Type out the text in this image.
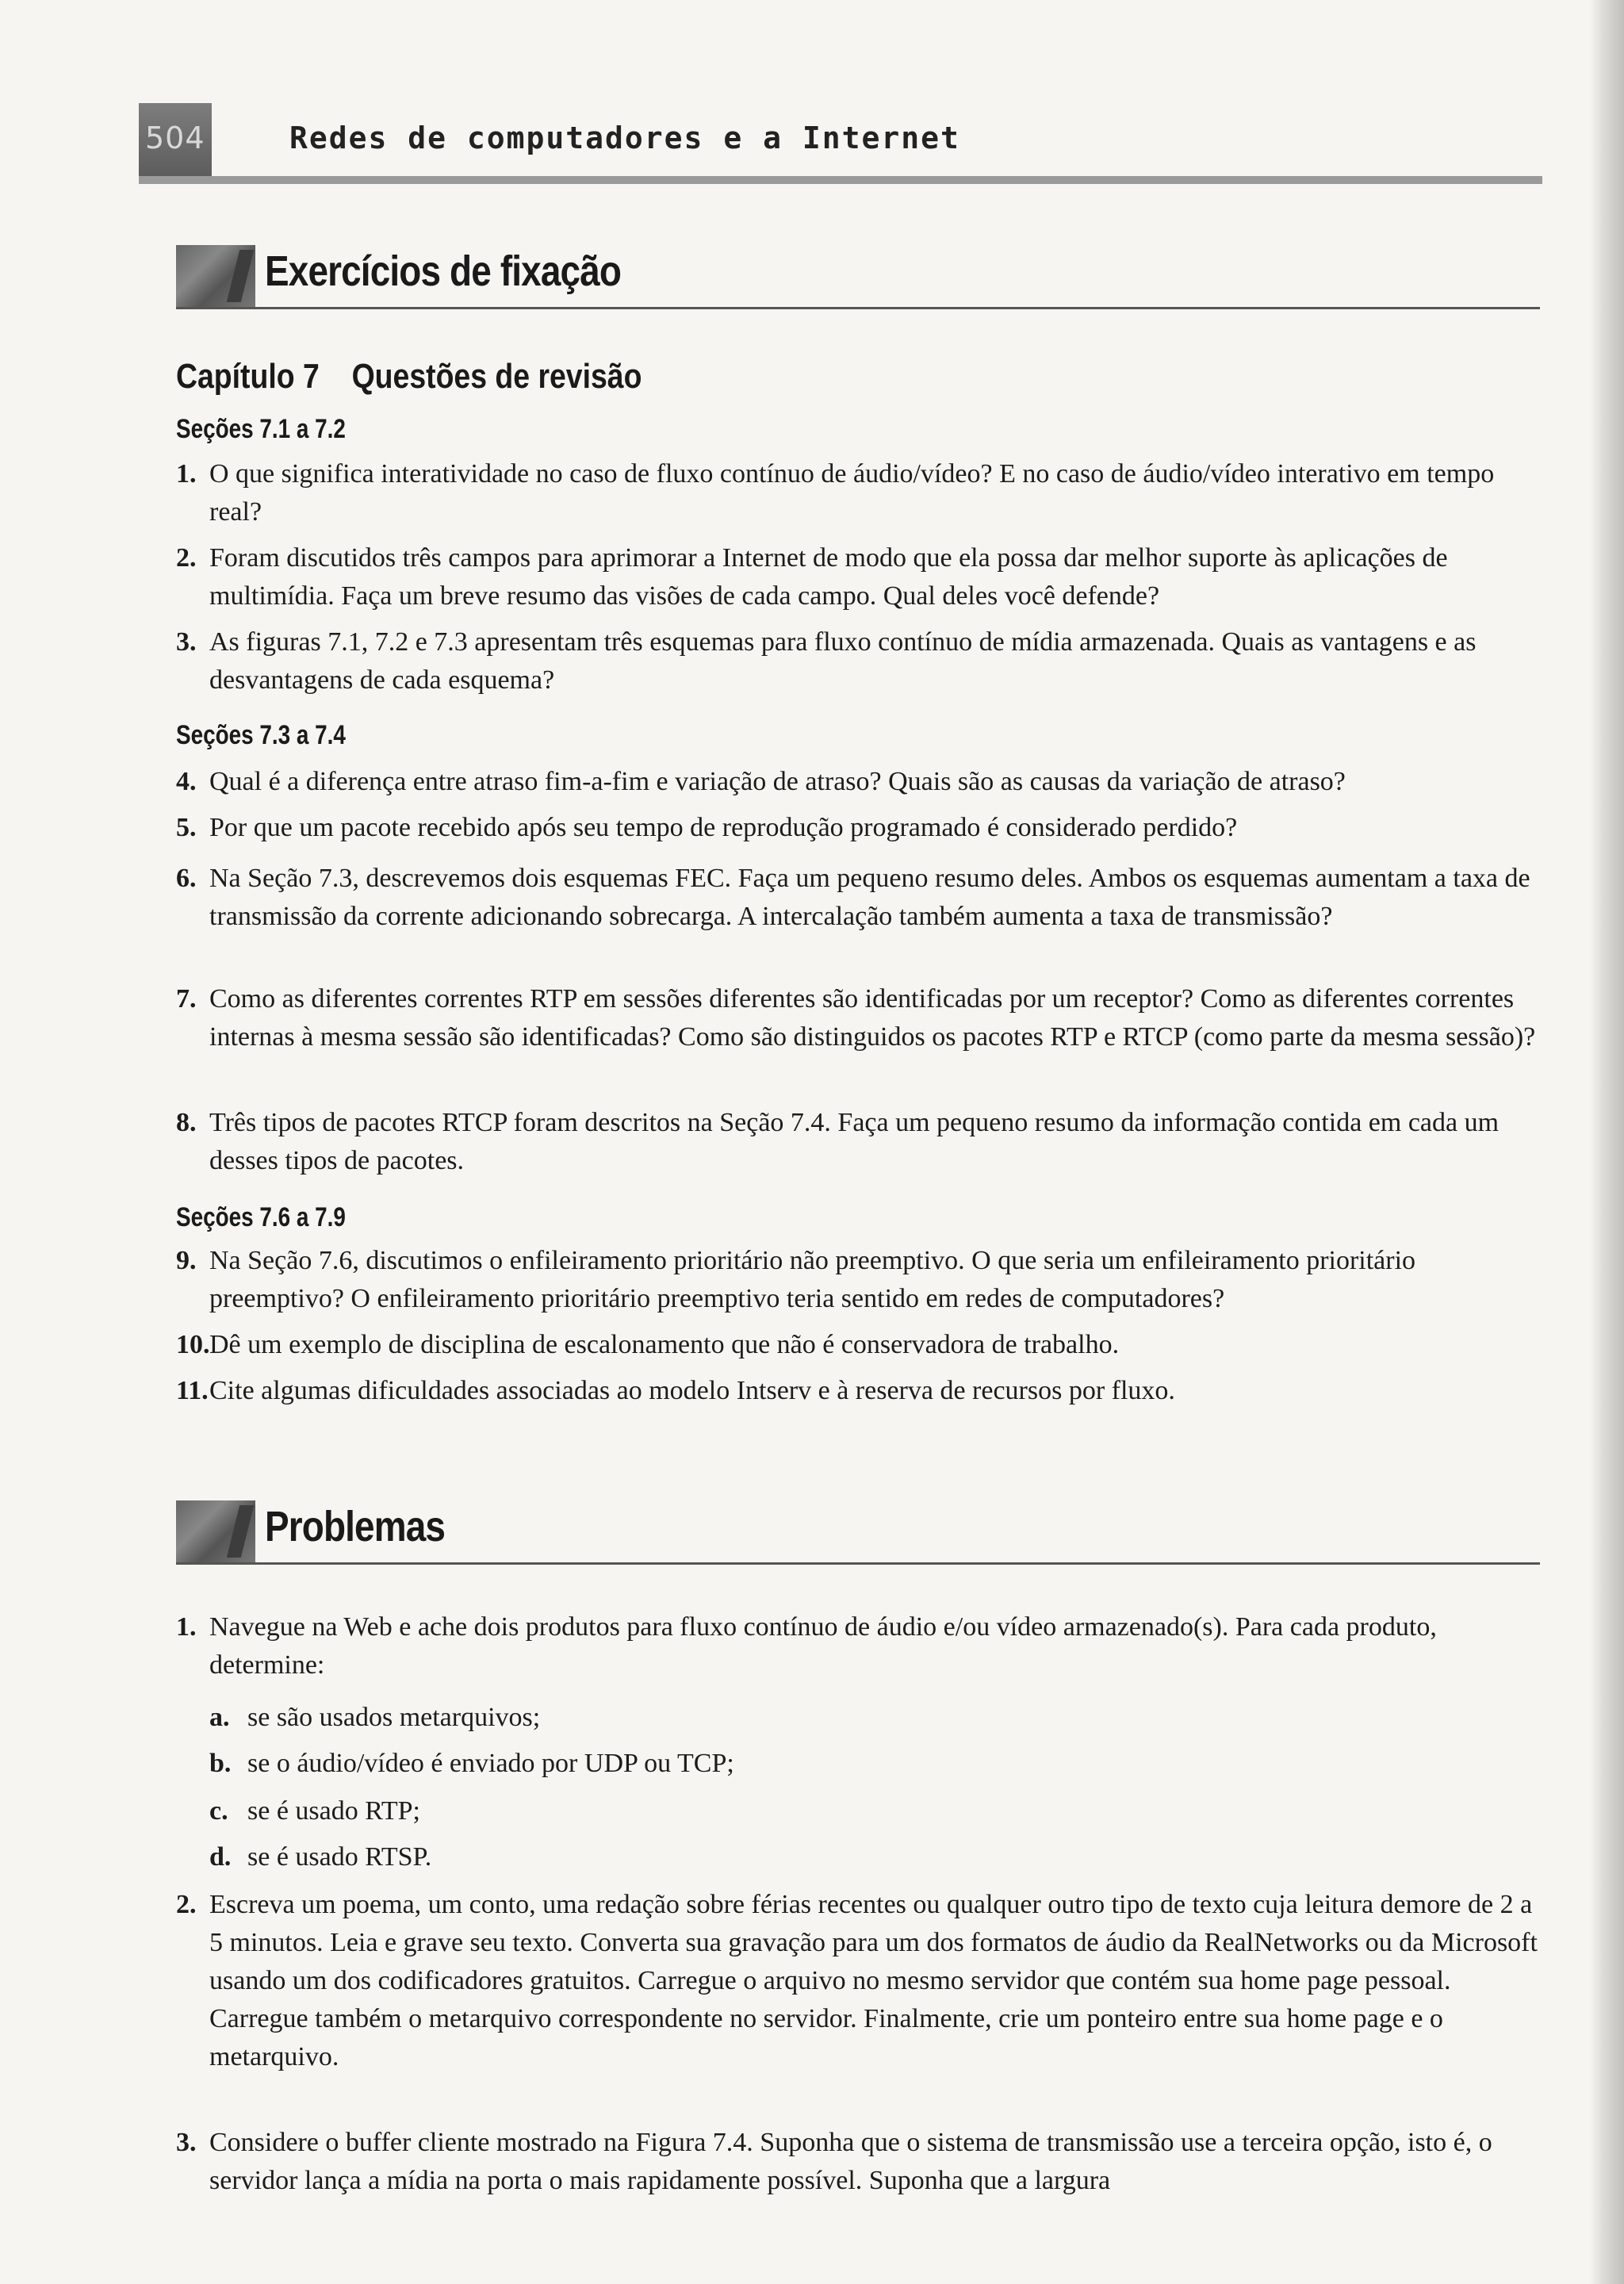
504	Redes de computadores e a Internet
Exercícios de fixação
Capítulo 7 Questões de revisão
Seções 7.1 a 7.2
1. O que significa interatividade no caso de fluxo contínuo de áudio/vídeo? E no caso de áudio/vídeo interativo em tempo real?
2. Foram discutidos três campos para aprimorar a Internet de modo que ela possa dar melhor suporte às aplicações de multimídia. Faça um breve resumo das visões de cada campo. Qual deles você defende?
3. As figuras 7.1, 7.2 e 7.3 apresentam três esquemas para fluxo contínuo de mídia armazenada. Quais as vantagens e as desvantagens de cada esquema?
Seções 7.3 a 7.4
4. Qual é a diferença entre atraso fim-a-fim e variação de atraso? Quais são as causas da variação de atraso?
5. Por que um pacote recebido após seu tempo de reprodução programado é considerado perdido?
6. Na Seção 7.3, descrevemos dois esquemas FEC. Faça um pequeno resumo deles. Ambos os esquemas aumentam a taxa de transmissão da corrente adicionando sobrecarga. A intercalação também aumenta a taxa de transmissão?
7. Como as diferentes correntes RTP em sessões diferentes são identificadas por um receptor? Como as diferentes correntes internas à mesma sessão são identificadas? Como são distinguidos os pacotes RTP e RTCP (como parte da mesma sessão)?
8. Três tipos de pacotes RTCP foram descritos na Seção 7.4. Faça um pequeno resumo da informação contida em cada um desses tipos de pacotes.
Seções 7.6 a 7.9
9. Na Seção 7.6, discutimos o enfileiramento prioritário não preemptivo. O que seria um enfileiramento prioritário preemptivo? O enfileiramento prioritário preemptivo teria sentido em redes de computadores?
10. Dê um exemplo de disciplina de escalonamento que não é conservadora de trabalho.
11. Cite algumas dificuldades associadas ao modelo Intserv e à reserva de recursos por fluxo.
Problemas
1. Navegue na Web e ache dois produtos para fluxo contínuo de áudio e/ou vídeo armazenado(s). Para cada produto, determine:
a. se são usados metarquivos;
b. se o áudio/vídeo é enviado por UDP ou TCP;
c. se é usado RTP;
d. se é usado RTSP.
2. Escreva um poema, um conto, uma redação sobre férias recentes ou qualquer outro tipo de texto cuja leitura demore de 2 a 5 minutos. Leia e grave seu texto. Converta sua gravação para um dos formatos de áudio da RealNetworks ou da Microsoft usando um dos codificadores gratuitos. Carregue o arquivo no mesmo servidor que contém sua home page pessoal. Carregue também o metarquivo correspondente no servidor. Finalmente, crie um ponteiro entre sua home page e o metarquivo.
3. Considere o buffer cliente mostrado na Figura 7.4. Suponha que o sistema de transmissão use a terceira opção, isto é, o servidor lança a mídia na porta o mais rapidamente possível. Suponha que a largura
